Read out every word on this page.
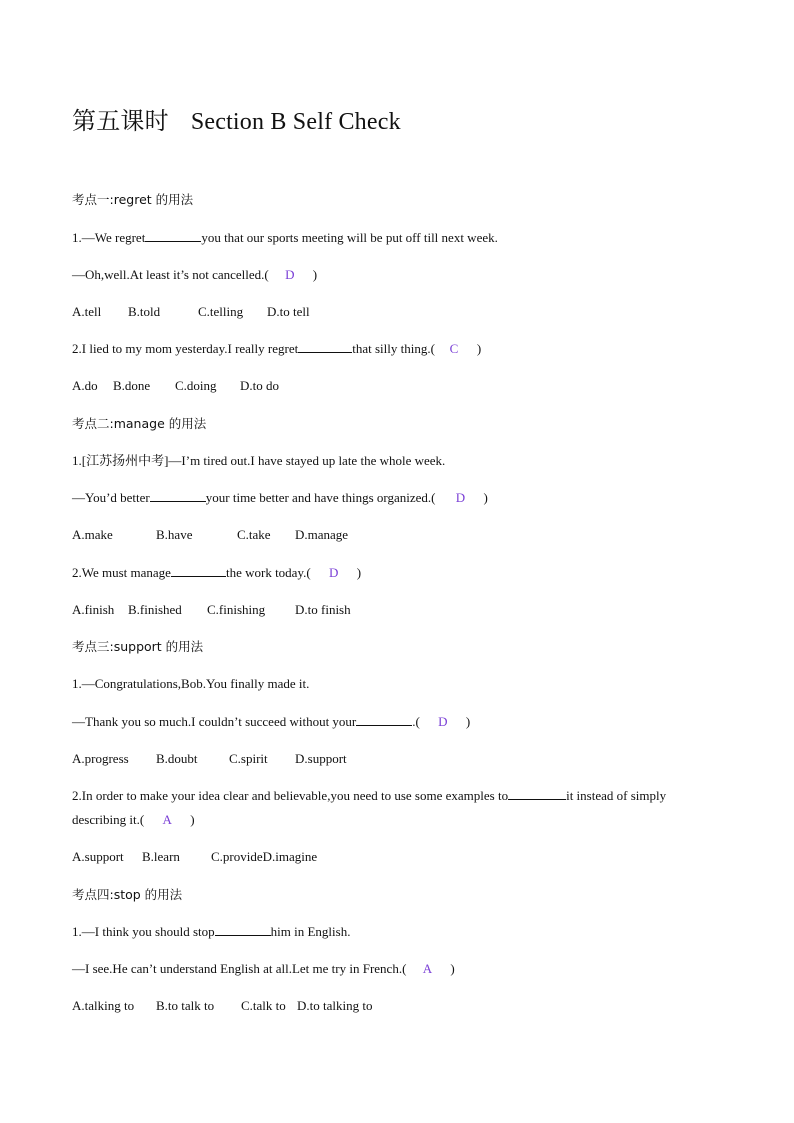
第五课时 Section B Self Check
考点一:regret 的用法
1.—We regret	you that our sports meeting will be put off till next week.
—Oh,well.At least it’s not cancelled.( D )
A.tell B.told	C.telling D.to tell
2.I lied to my mom yesterday.I really regret	that silly thing.( C )
A.do B.done C.doing D.to do
考点二:manage 的用法
1.[江苏扬州中考]—I’m tired out.I have stayed up late the whole week.
—You’d better	your time better and have things organized.( D )
A.make	B.have	C.take D.manage
2.We must manage	the work today.( D )
A.finish B.finished C.finishing D.to finish
考点三:support 的用法
1.—Congratulations,Bob.You finally made it.
—Thank you so much.I couldn’t succeed without your	.( D )
A.progress B.doubt C.spirit D.support
2.In order to make your idea clear and believable,you need to use some examples to	it instead of simply
describing it.( A )
A.support B.learn C.provideD.imagine
考点四:stop 的用法
1.—I think you should stop	him in English.
—I see.He can’t understand English at all.Let me try in French.( A )
A.talking to B.to talk to C.talk to D.to talking to
